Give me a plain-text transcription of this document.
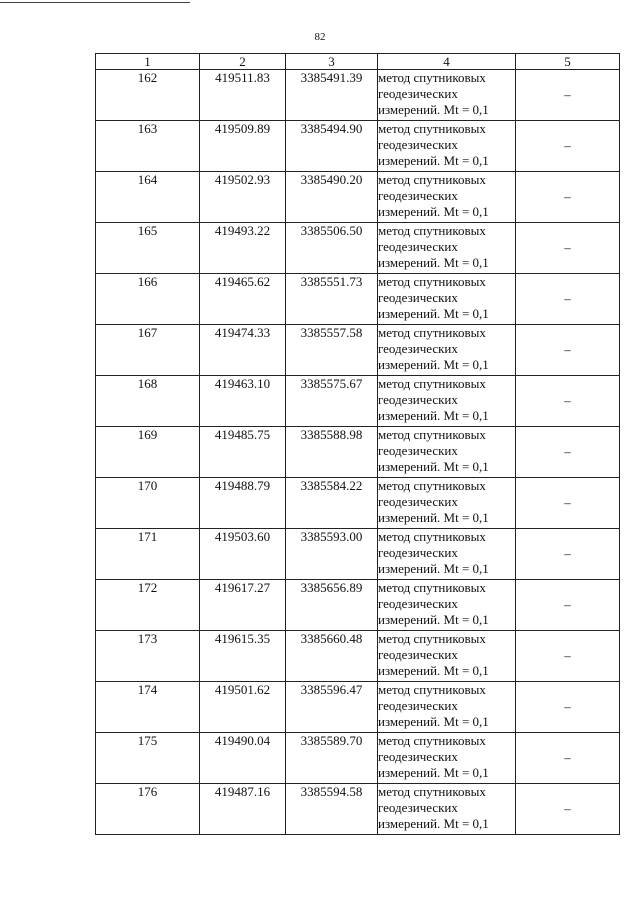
82
1	2	3	4	5
162	419511.83	3385491.39	метод спутниковых
геодезических
измерений. Mt = 0,1	–
163	419509.89	3385494.90	метод спутниковых
геодезических
измерений. Mt = 0,1	–
164	419502.93	3385490.20	метод спутниковых
геодезических
измерений. Mt = 0,1	–
165	419493.22	3385506.50	метод спутниковых
геодезических
измерений. Mt = 0,1	–
166	419465.62	3385551.73	метод спутниковых
геодезических
измерений. Mt = 0,1	–
167	419474.33	3385557.58	метод спутниковых
геодезических
измерений. Mt = 0,1	–
168	419463.10	3385575.67	метод спутниковых
геодезических
измерений. Mt = 0,1	–
169	419485.75	3385588.98	метод спутниковых
геодезических
измерений. Mt = 0,1	–
170	419488.79	3385584.22	метод спутниковых
геодезических
измерений. Mt = 0,1	–
171	419503.60	3385593.00	метод спутниковых
геодезических
измерений. Mt = 0,1	–
172	419617.27	3385656.89	метод спутниковых
геодезических
измерений. Mt = 0,1	–
173	419615.35	3385660.48	метод спутниковых
геодезических
измерений. Mt = 0,1	–
174	419501.62	3385596.47	метод спутниковых
геодезических
измерений. Mt = 0,1	–
175	419490.04	3385589.70	метод спутниковых
геодезических
измерений. Mt = 0,1	–
176	419487.16	3385594.58	метод спутниковых
геодезических
измерений. Mt = 0,1	–
